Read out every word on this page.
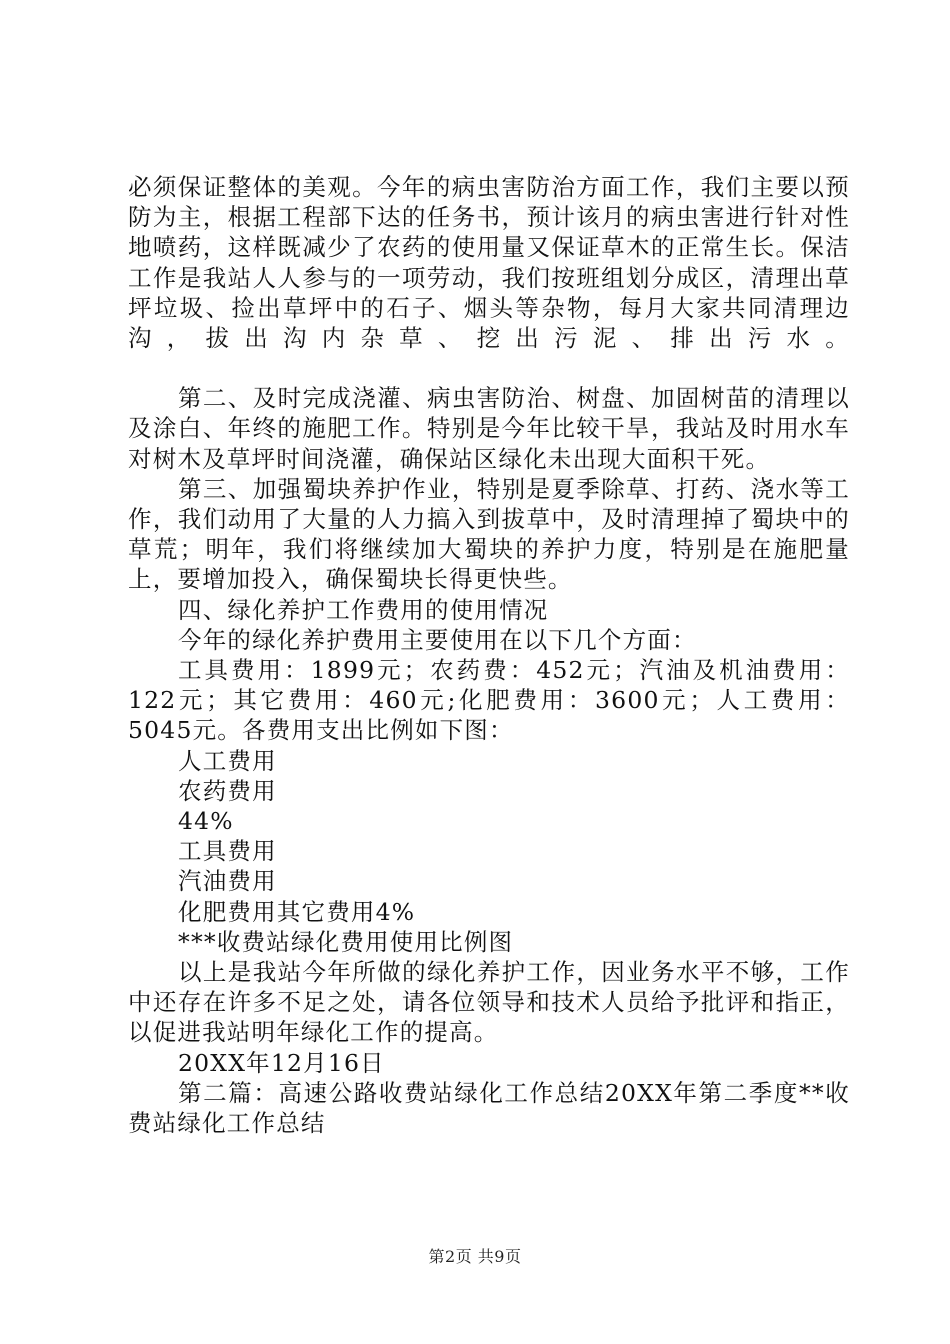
必须保证整体的美观。今年的病虫害防治方面工作，我们主要以预防为主，根据工程部下达的任务书，预计该月的病虫害进行针对性地喷药，这样既减少了农药的使用量又保证草木的正常生长。保洁工作是我站人人参与的一项劳动，我们按班组划分成区，清理出草坪垃圾、捡出草坪中的石子、烟头等杂物，每月大家共同清理边沟，拔出沟内杂草、挖出污泥、排出污水。

第二、及时完成浇灌、病虫害防治、树盘、加固树苗的清理以及涂白、年终的施肥工作。特别是今年比较干旱，我站及时用水车对树木及草坪时间浇灌，确保站区绿化未出现大面积干死。

第三、加强蜀块养护作业，特别是夏季除草、打药、浇水等工作，我们动用了大量的人力搞入到拔草中，及时清理掉了蜀块中的草荒；明年，我们将继续加大蜀块的养护力度，特别是在施肥量上，要增加投入，确保蜀块长得更快些。

四、绿化养护工作费用的使用情况

今年的绿化养护费用主要使用在以下几个方面：

工具费用：1899元；农药费：452元；汽油及机油费用：122元；其它费用：460元;化肥费用：3600元；人工费用：5045元。各费用支出比例如下图：

人工费用

农药费用

44%

工具费用

汽油费用

化肥费用其它费用4%

***收费站绿化费用使用比例图

以上是我站今年所做的绿化养护工作，因业务水平不够，工作中还存在许多不足之处，请各位领导和技术人员给予批评和指正，以促进我站明年绿化工作的提高。

20XX年12月16日

第二篇：高速公路收费站绿化工作总结20XX年第二季度**收费站绿化工作总结

第2页 共9页
